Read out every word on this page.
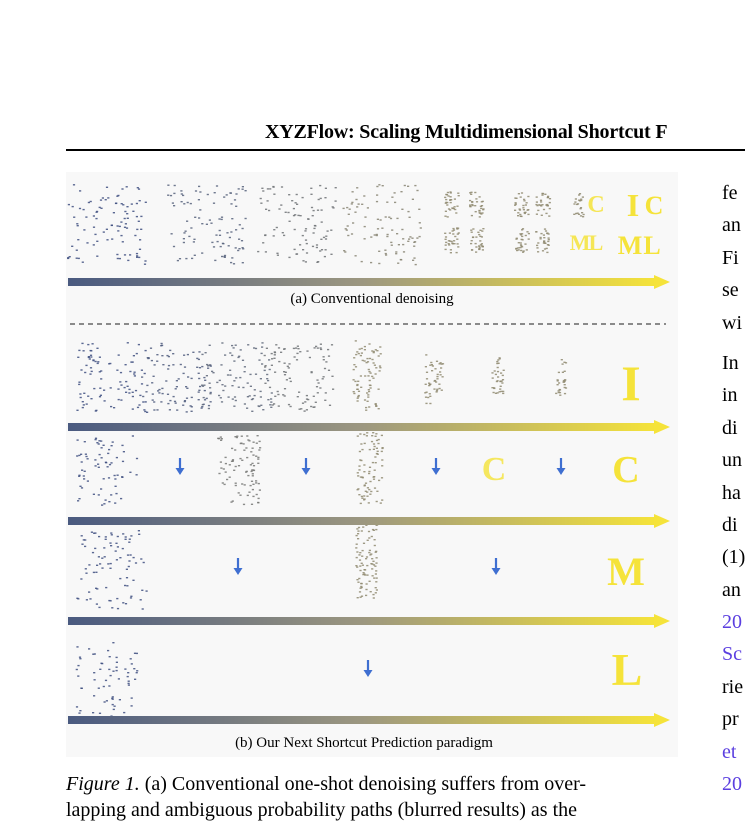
XYZFlow: Scaling Multidimensional Shortcut F
C
M
L
I C
M L
I
C	C
M
L
(a) Conventional denoising
(b) Our Next Shortcut Prediction paradigm
Figure 1. (a) Conventional one-shot denoising suffers from over-
lapping and ambiguous probability paths (blurred results) as the
fe
an
Fi
se
wi
In
in
di
un
ha
di
(1)
an
20
Sc
rie
pr
et
20
